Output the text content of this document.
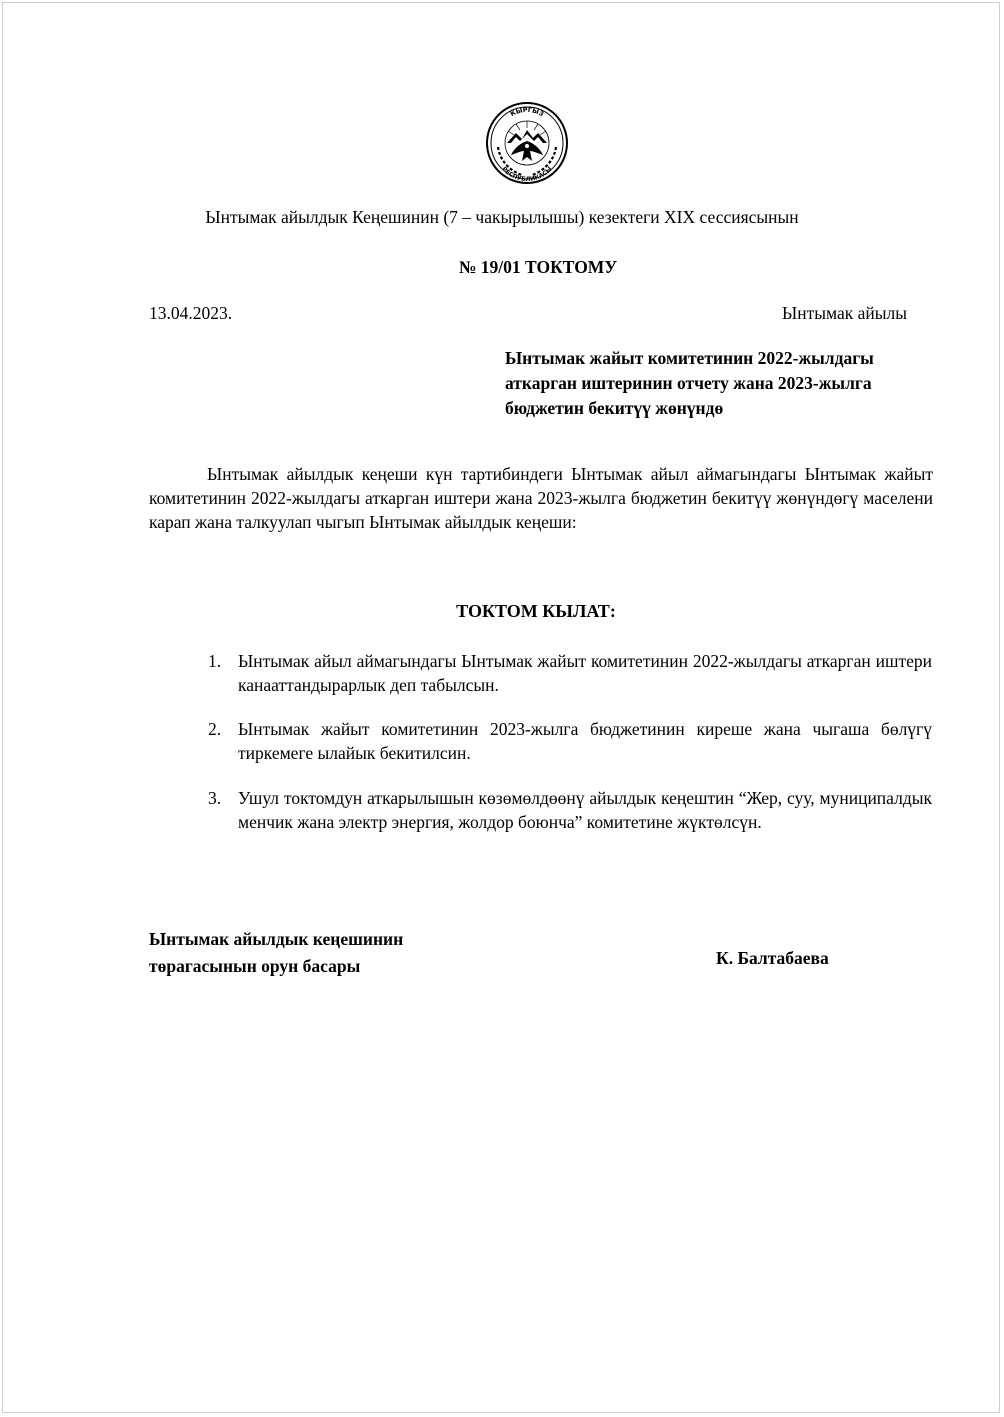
КЫРГЫЗ
РЕСПУБЛИКАСЫ
Ынтымак айылдык Кеңешинин (7 – чакырылышы) кезектеги XIX сессиясынын
№ 19/01 ТОКТОМУ
13.04.2023.	Ынтымак айылы
Ынтымак жайыт комитетинин 2022-жылдагы
аткарган иштеринин отчету жана 2023-жылга
бюджетин бекитүү жөнүндө
Ынтымак айылдык кеңеши күн тартибиндеги Ынтымак айыл аймагындагы Ынтымак жайыт комитетинин 2022-жылдагы аткарган иштери жана 2023-жылга бюджетин бекитүү жөнүндөгү маселени карап жана талкуулап чыгып Ынтымак айылдык кеңеши:
ТОКТОМ КЫЛАТ:
1. Ынтымак айыл аймагындагы Ынтымак жайыт комитетинин 2022-жылдагы аткарган иштери канааттандырарлык деп табылсын.
2. Ынтымак жайыт комитетинин 2023-жылга бюджетинин киреше жана чыгаша бөлүгү тиркемеге ылайык бекитилсин.
3. Ушул токтомдун аткарылышын көзөмөлдөөнү айылдык кеңештин “Жер, суу, муниципалдык менчик жана электр энергия, жолдор боюнча” комитетине жүктөлсүн.
Ынтымак айылдык кеңешинин
төрагасынын орун басары	К. Балтабаева
